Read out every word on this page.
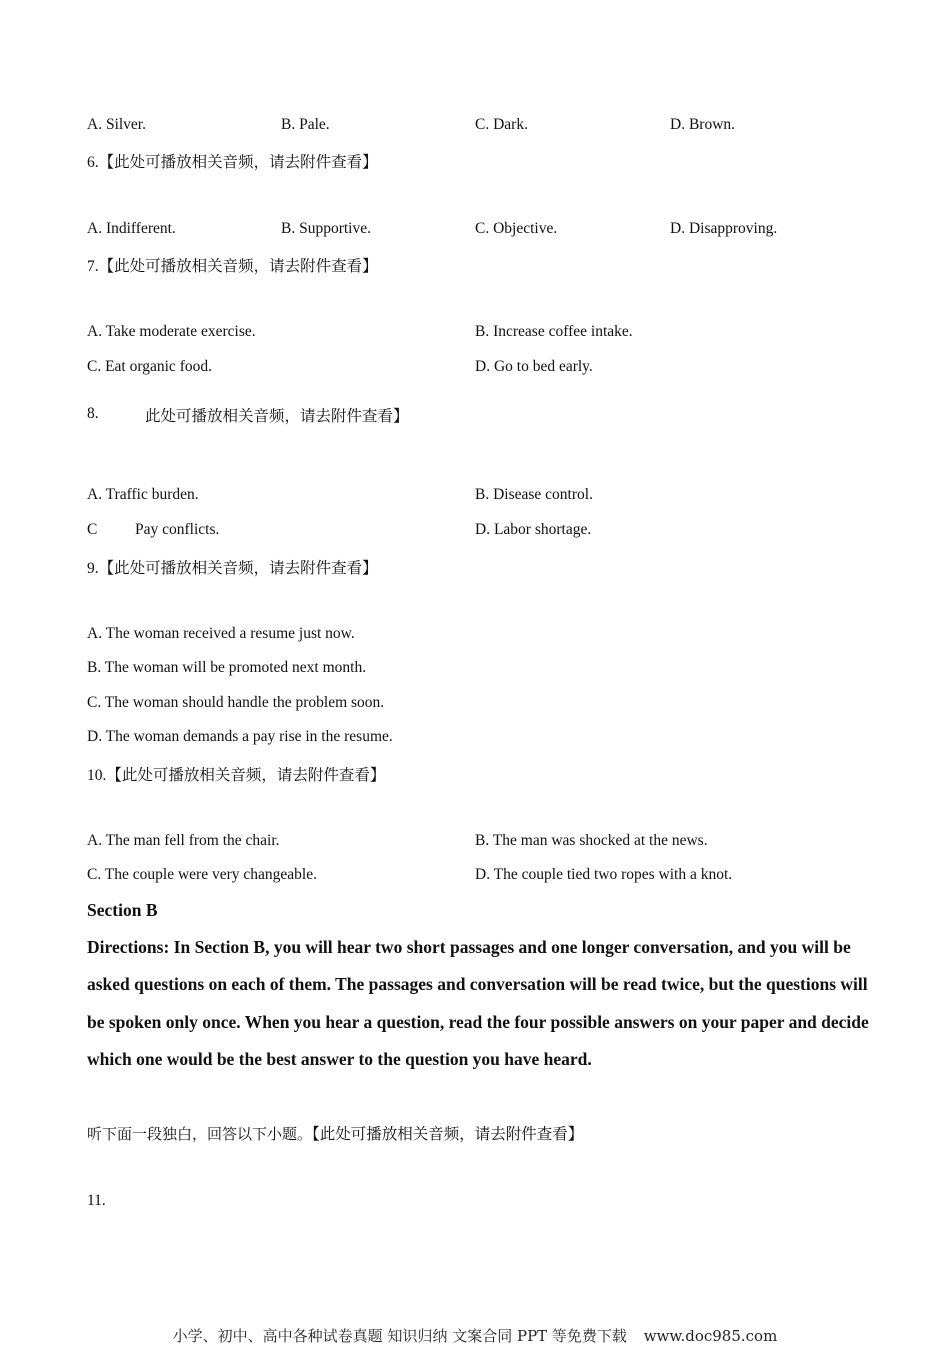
A. Silver.	B. Pale.	C. Dark.	D. Brown.
6.【此处可播放相关音频，请去附件查看】
A. Indifferent.	B. Supportive.	C. Objective.	D. Disapproving.
7.【此处可播放相关音频，请去附件查看】
A. Take moderate exercise.	B. Increase coffee intake.
C. Eat organic food.	D. Go to bed early.
8.	此处可播放相关音频，请去附件查看】
A. Traffic burden.	B. Disease control.
C Pay conflicts.	D. Labor shortage.
9.【此处可播放相关音频，请去附件查看】
A. The woman received a resume just now.
B. The woman will be promoted next month.
C. The woman should handle the problem soon.
D. The woman demands a pay rise in the resume.
10.【此处可播放相关音频，请去附件查看】
A. The man fell from the chair.	B. The man was shocked at the news.
C. The couple were very changeable.	D. The couple tied two ropes with a knot.
Section B
Directions: In Section B, you will hear two short passages and one longer conversation, and you will be asked questions on each of them. The passages and conversation will be read twice, but the questions will be spoken only once. When you hear a question, read the four possible answers on your paper and decide which one would be the best answer to the question you have heard.
听下面一段独白，回答以下小题。【此处可播放相关音频，请去附件查看】
11.
小学、初中、高中各种试卷真题 知识归纳 文案合同 PPT 等免费下载 www.doc985.com
